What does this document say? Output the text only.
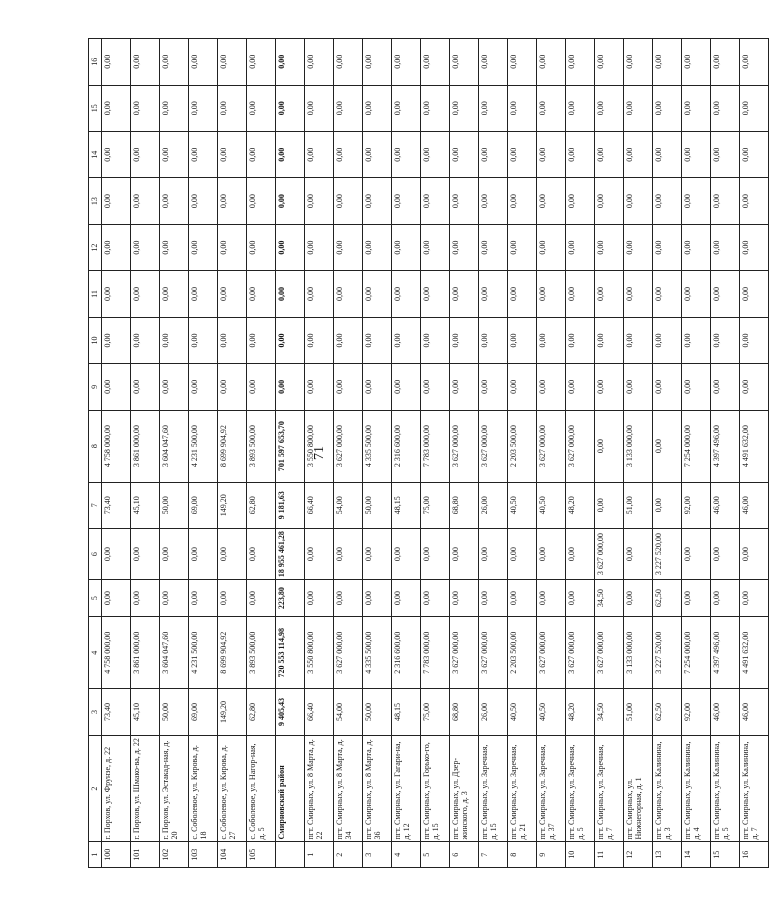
71
1	2	3	4	5	6	7	8	9	10	11	12	13	14	15	16
100	г. Порхов, ул. Фрунзе, д. 22	73,40	4 758 000,00	0,00	0,00	73,40	4 758 000,00	0,00	0,00	0,00	0,00	0,00	0,00	0,00	0,00
101	г. Порхов, ул. Шмако-ва, д. 22	45,10	3 861 000,00	0,00	0,00	45,10	3 861 000,00	0,00	0,00	0,00	0,00	0,00	0,00	0,00	0,00
102	г. Порхов, ул. Эстакад-ная, д. 20	50,00	3 604 047,60	0,00	0,00	50,00	3 604 047,60	0,00	0,00	0,00	0,00	0,00	0,00	0,00	0,00
103	с. Соболевое, ул. Кирова, д. 18	69,00	4 231 500,00	0,00	0,00	69,00	4 231 500,00	0,00	0,00	0,00	0,00	0,00	0,00	0,00	0,00
104	с. Соболевое, ул. Кирова, д. 27	149,20	8 699 904,92	0,00	0,00	149,20	8 699 904,92	0,00	0,00	0,00	0,00	0,00	0,00	0,00	0,00
105	с. Соболевое, ул. Нагор-ная, д. 5	62,80	3 893 500,00	0,00	0,00	62,80	3 893 500,00	0,00	0,00	0,00	0,00	0,00	0,00	0,00	0,00
	Смирновский район	9 405,43	720 553 114,98	223,80	18 955 461,28	9 181,63	701 597 653,70	0,00	0,00	0,00	0,00	0,00	0,00	0,00	0,00
1	пгт. Смирных, ул. 8 Марта, д. 22	66,40	3 550 800,00	0,00	0,00	66,40	3 550 800,00	0,00	0,00	0,00	0,00	0,00	0,00	0,00	0,00
2	пгт. Смирных, ул. 8 Марта, д. 34	54,00	3 627 000,00	0,00	0,00	54,00	3 627 000,00	0,00	0,00	0,00	0,00	0,00	0,00	0,00	0,00
3	пгт. Смирных, ул. 8 Марта, д. 36	50,00	4 335 500,00	0,00	0,00	50,00	4 335 500,00	0,00	0,00	0,00	0,00	0,00	0,00	0,00	0,00
4	пгт. Смирных, ул. Гагари-на, д. 12	48,15	2 316 600,00	0,00	0,00	48,15	2 316 600,00	0,00	0,00	0,00	0,00	0,00	0,00	0,00	0,00
5	пгт. Смирных, ул. Горько-го, д. 15	75,00	7 783 000,00	0,00	0,00	75,00	7 783 000,00	0,00	0,00	0,00	0,00	0,00	0,00	0,00	0,00
6	пгт. Смирных, ул. Дзер-жинского, д. 3	68,80	3 627 000,00	0,00	0,00	68,80	3 627 000,00	0,00	0,00	0,00	0,00	0,00	0,00	0,00	0,00
7	пгт. Смирных, ул. Заречная, д. 15	26,00	3 627 000,00	0,00	0,00	26,00	3 627 000,00	0,00	0,00	0,00	0,00	0,00	0,00	0,00	0,00
8	пгт. Смирных, ул. Заречная, д. 21	40,50	2 203 500,00	0,00	0,00	40,50	2 203 500,00	0,00	0,00	0,00	0,00	0,00	0,00	0,00	0,00
9	пгт. Смирных, ул. Заречная, д. 37	40,50	3 627 000,00	0,00	0,00	40,50	3 627 000,00	0,00	0,00	0,00	0,00	0,00	0,00	0,00	0,00
10	пгт. Смирных, ул. Заречная, д. 5	48,20	3 627 000,00	0,00	0,00	48,20	3 627 000,00	0,00	0,00	0,00	0,00	0,00	0,00	0,00	0,00
11	пгт. Смирных, ул. Заречная, д. 7	34,50	3 627 000,00	34,50	3 627 000,00	0,00	0,00	0,00	0,00	0,00	0,00	0,00	0,00	0,00	0,00
12	пгт. Смирных, ул. Нижнегорная, д. 1	51,00	3 133 000,00	0,00	0,00	51,00	3 133 000,00	0,00	0,00	0,00	0,00	0,00	0,00	0,00	0,00
13	пгт. Смирных, ул. Калинина, д. 3	62,50	3 227 520,00	62,50	3 227 520,00	0,00	0,00	0,00	0,00	0,00	0,00	0,00	0,00	0,00	0,00
14	пгт. Смирных, ул. Калинина, д. 4	92,00	7 254 000,00	0,00	0,00	92,00	7 254 000,00	0,00	0,00	0,00	0,00	0,00	0,00	0,00	0,00
15	пгт. Смирных, ул. Калинина, д. 5	46,00	4 397 496,00	0,00	0,00	46,00	4 397 496,00	0,00	0,00	0,00	0,00	0,00	0,00	0,00	0,00
16	пгт. Смирных, ул. Калинина, д. 7	46,00	4 491 632,00	0,00	0,00	46,00	4 491 632,00	0,00	0,00	0,00	0,00	0,00	0,00	0,00	0,00
